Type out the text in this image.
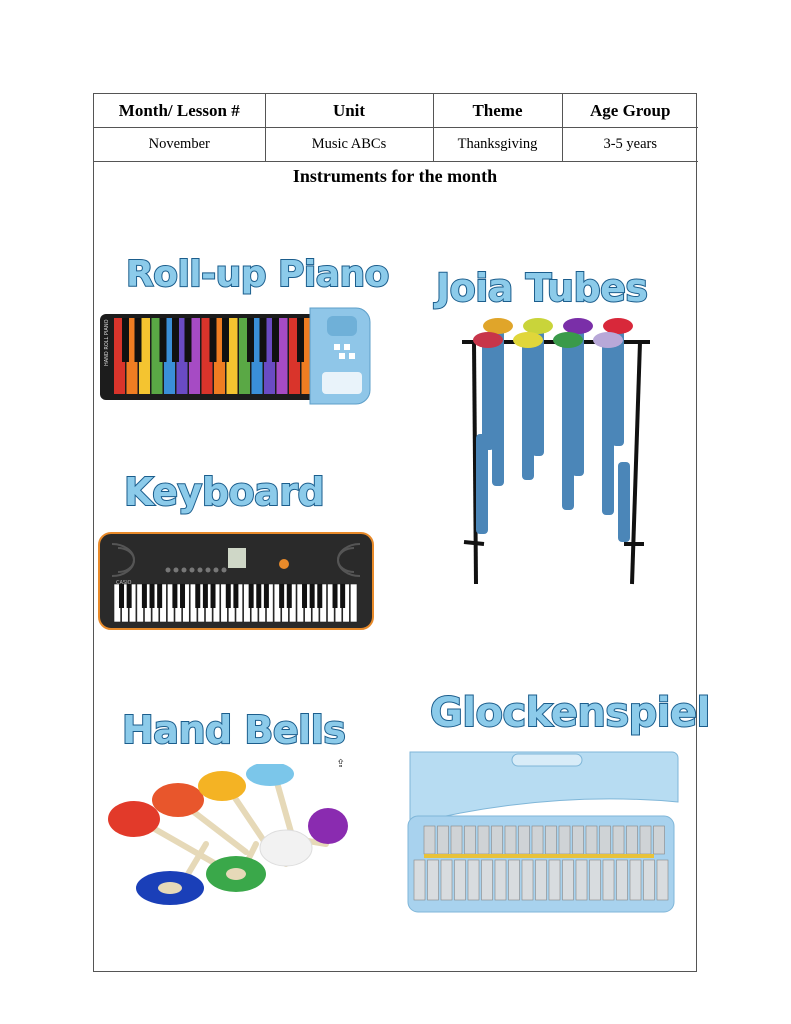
Month/ Lesson #	Unit	Theme	Age Group
November	Music ABCs	Thanksgiving	3-5 years
Instruments for the month
Roll-up Piano
HAND ROLL PIANO
Joia Tubes
Keyboard
CASIO
Hand Bells
⇪
Glockenspiel
